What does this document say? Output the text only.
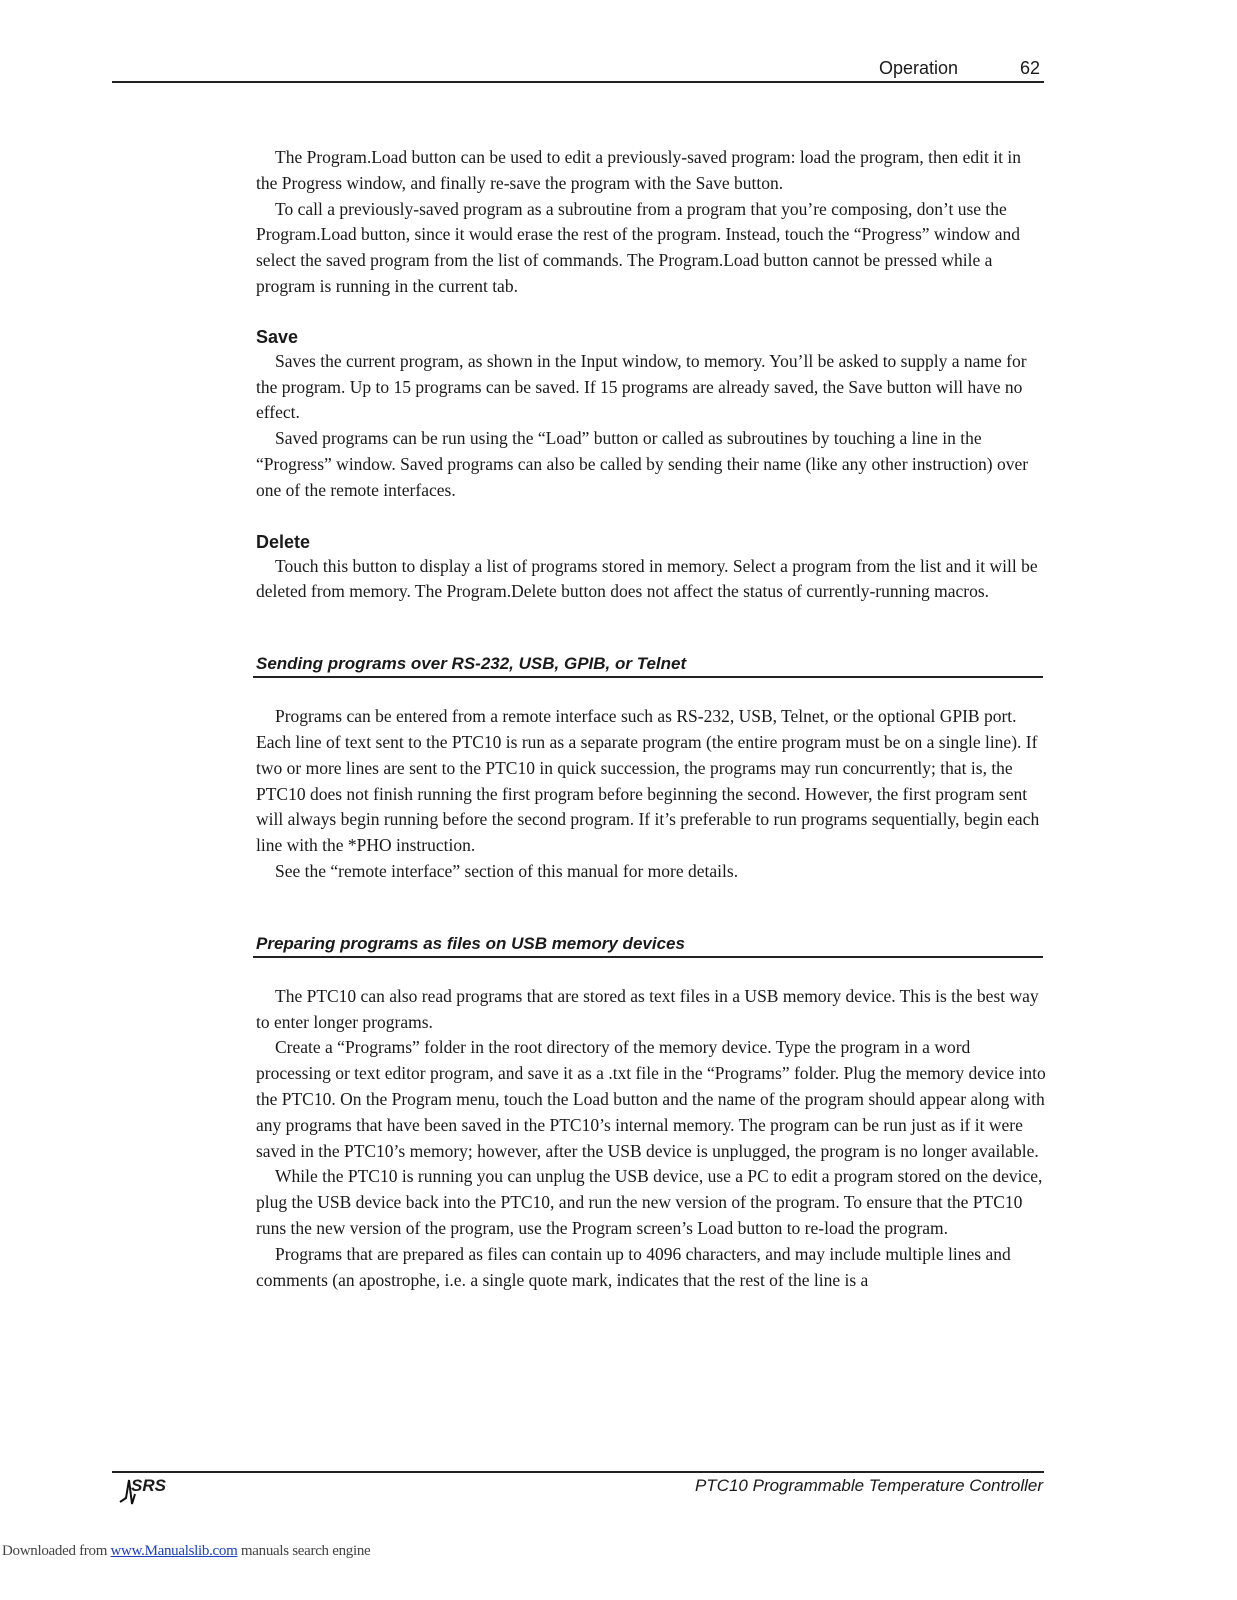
Operation	62

The Program.Load button can be used to edit a previously-saved program: load the program, then edit it in the Progress window, and finally re-save the program with the Save button.

To call a previously-saved program as a subroutine from a program that you’re composing, don’t use the Program.Load button, since it would erase the rest of the program. Instead, touch the “Progress” window and select the saved program from the list of commands. The Program.Load button cannot be pressed while a program is running in the current tab.

Save

Saves the current program, as shown in the Input window, to memory. You’ll be asked to supply a name for the program. Up to 15 programs can be saved. If 15 programs are already saved, the Save button will have no effect.

Saved programs can be run using the “Load” button or called as subroutines by touching a line in the “Progress” window. Saved programs can also be called by sending their name (like any other instruction) over one of the remote interfaces.

Delete

Touch this button to display a list of programs stored in memory. Select a program from the list and it will be deleted from memory. The Program.Delete button does not affect the status of currently-running macros.

Sending programs over RS-232, USB, GPIB, or Telnet

Programs can be entered from a remote interface such as RS-232, USB, Telnet, or the optional GPIB port. Each line of text sent to the PTC10 is run as a separate program (the entire program must be on a single line). If two or more lines are sent to the PTC10 in quick succession, the programs may run concurrently; that is, the PTC10 does not finish running the first program before beginning the second. However, the first program sent will always begin running before the second program. If it’s preferable to run programs sequentially, begin each line with the *PHO instruction.

See the “remote interface” section of this manual for more details.

Preparing programs as files on USB memory devices

The PTC10 can also read programs that are stored as text files in a USB memory device. This is the best way to enter longer programs.

Create a “Programs” folder in the root directory of the memory device. Type the program in a word processing or text editor program, and save it as a .txt file in the “Programs” folder. Plug the memory device into the PTC10. On the Program menu, touch the Load button and the name of the program should appear along with any programs that have been saved in the PTC10’s internal memory. The program can be run just as if it were saved in the PTC10’s memory; however, after the USB device is unplugged, the program is no longer available.

While the PTC10 is running you can unplug the USB device, use a PC to edit a program stored on the device, plug the USB device back into the PTC10, and run the new version of the program. To ensure that the PTC10 runs the new version of the program, use the Program screen’s Load button to re-load the program.

Programs that are prepared as files can contain up to 4096 characters, and may include multiple lines and comments (an apostrophe, i.e. a single quote mark, indicates that the rest of the line is a

SRS	PTC10 Programmable Temperature Controller
Downloaded from www.Manualslib.com manuals search engine
